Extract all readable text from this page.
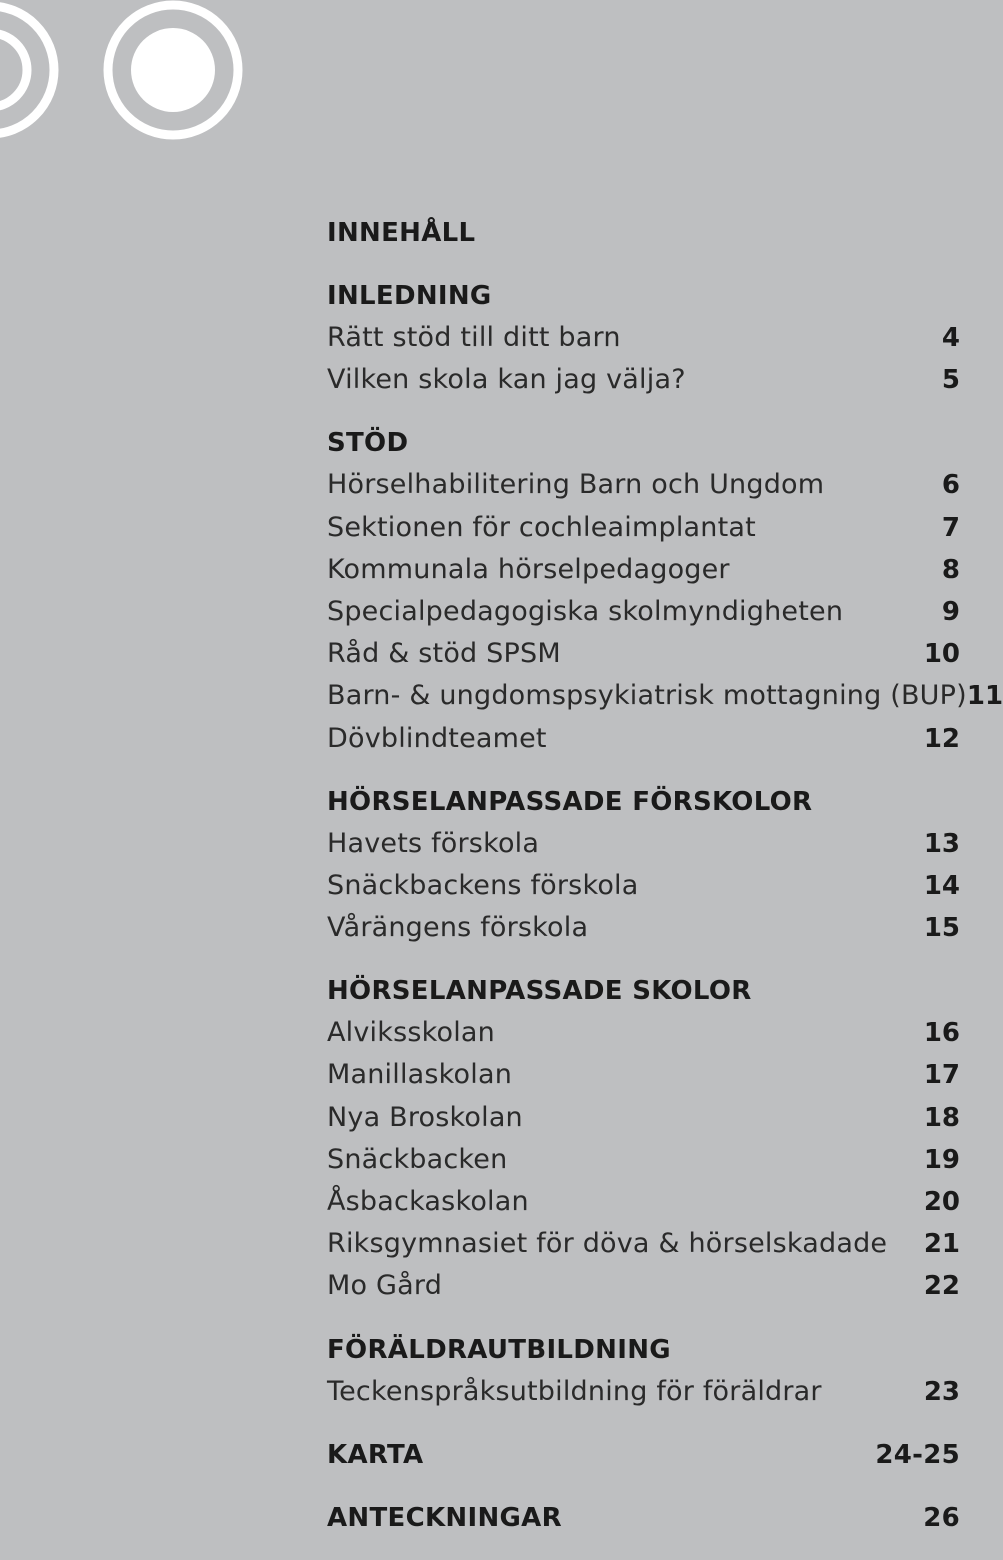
INNEHÅLL
INLEDNING
Rätt stöd till ditt barn	4
Vilken skola kan jag välja?	5
STÖD
Hörselhabilitering Barn och Ungdom	6
Sektionen för cochleaimplantat	7
Kommunala hörselpedagoger	8
Specialpedagogiska skolmyndigheten	9
Råd & stöd SPSM	10
Barn- & ungdomspsykiatrisk mottagning (BUP) 11
Dövblindteamet	12
HÖRSELANPASSADE FÖRSKOLOR
Havets förskola	13
Snäckbackens förskola	14
Vårängens förskola	15
HÖRSELANPASSADE SKOLOR
Alviksskolan	16
Manillaskolan	17
Nya Broskolan	18
Snäckbacken	19
Åsbackaskolan	20
Riksgymnasiet för döva & hörselskadade 21
Mo Gård	22
FÖRÄLDRAUTBILDNING
Teckenspråksutbildning för föräldrar	23
KARTA	24-25
ANTECKNINGAR	26
